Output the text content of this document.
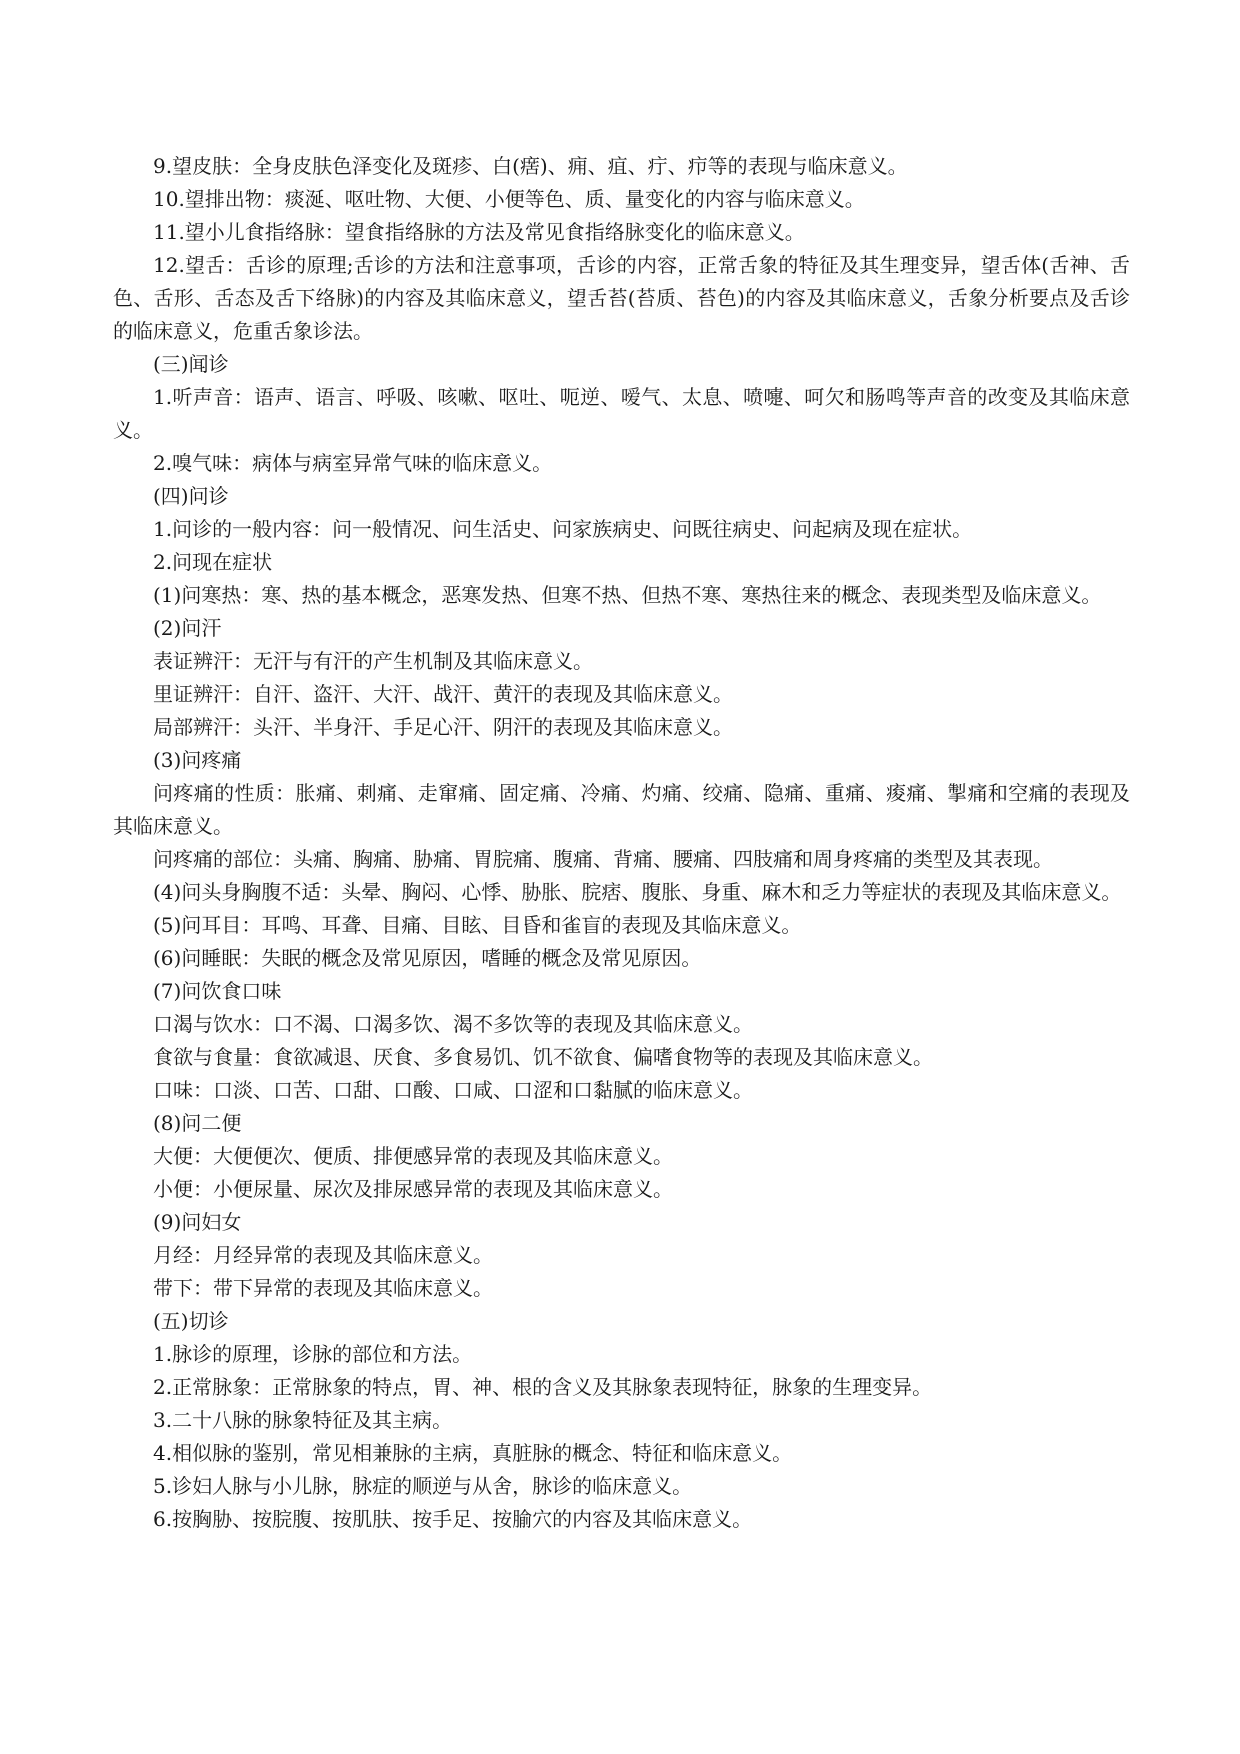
9.望皮肤：全身皮肤色泽变化及斑疹、白(瘔)、痈、疽、疔、疖等的表现与临床意义。

10.望排出物：痰涎、呕吐物、大便、小便等色、质、量变化的内容与临床意义。

11.望小儿食指络脉：望食指络脉的方法及常见食指络脉变化的临床意义。

12.望舌：舌诊的原理;舌诊的方法和注意事项，舌诊的内容，正常舌象的特征及其生理变异，望舌体(舌神、舌色、舌形、舌态及舌下络脉)的内容及其临床意义，望舌苔(苔质、苔色)的内容及其临床意义，舌象分析要点及舌诊的临床意义，危重舌象诊法。

(三)闻诊

1.听声音：语声、语言、呼吸、咳嗽、呕吐、呃逆、嗳气、太息、喷嚏、呵欠和肠鸣等声音的改变及其临床意义。

2.嗅气味：病体与病室异常气味的临床意义。

(四)问诊

1.问诊的一般内容：问一般情况、问生活史、问家族病史、问既往病史、问起病及现在症状。

2.问现在症状

(1)问寒热：寒、热的基本概念，恶寒发热、但寒不热、但热不寒、寒热往来的概念、表现类型及临床意义。

(2)问汗

表证辨汗：无汗与有汗的产生机制及其临床意义。

里证辨汗：自汗、盗汗、大汗、战汗、黄汗的表现及其临床意义。

局部辨汗：头汗、半身汗、手足心汗、阴汗的表现及其临床意义。

(3)问疼痛

问疼痛的性质：胀痛、刺痛、走窜痛、固定痛、冷痛、灼痛、绞痛、隐痛、重痛、痠痛、掣痛和空痛的表现及其临床意义。

问疼痛的部位：头痛、胸痛、胁痛、胃脘痛、腹痛、背痛、腰痛、四肢痛和周身疼痛的类型及其表现。

(4)问头身胸腹不适：头晕、胸闷、心悸、胁胀、脘痞、腹胀、身重、麻木和乏力等症状的表现及其临床意义。

(5)问耳目：耳鸣、耳聋、目痛、目眩、目昏和雀盲的表现及其临床意义。

(6)问睡眠：失眠的概念及常见原因，嗜睡的概念及常见原因。

(7)问饮食口味

口渴与饮水：口不渴、口渴多饮、渴不多饮等的表现及其临床意义。

食欲与食量：食欲减退、厌食、多食易饥、饥不欲食、偏嗜食物等的表现及其临床意义。

口味：口淡、口苦、口甜、口酸、口咸、口涩和口黏腻的临床意义。

(8)问二便

大便：大便便次、便质、排便感异常的表现及其临床意义。

小便：小便尿量、尿次及排尿感异常的表现及其临床意义。

(9)问妇女

月经：月经异常的表现及其临床意义。

带下：带下异常的表现及其临床意义。

(五)切诊

1.脉诊的原理，诊脉的部位和方法。

2.正常脉象：正常脉象的特点，胃、神、根的含义及其脉象表现特征，脉象的生理变异。

3.二十八脉的脉象特征及其主病。

4.相似脉的鉴别，常见相兼脉的主病，真脏脉的概念、特征和临床意义。

5.诊妇人脉与小儿脉，脉症的顺逆与从舍，脉诊的临床意义。

6.按胸胁、按脘腹、按肌肤、按手足、按腧穴的内容及其临床意义。
